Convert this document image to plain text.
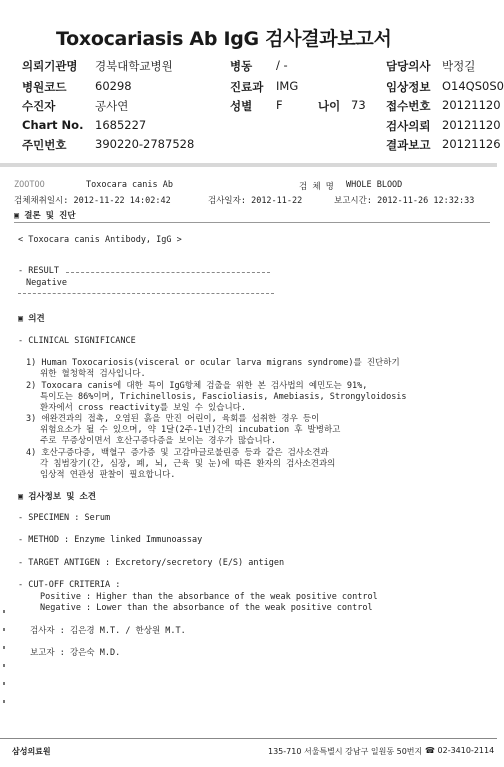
Toxocariasis Ab IgG 검사결과보고서
의뢰기관명 경북대학교병원	병동 / -	담당의사 박정길
병원코드 60298	진료과 IMG	임상정보 O14QS0S0
수진자	공사연	성별 F	나이 73 접수번호 20121120
Chart No. 1685227	검사의뢰 20121120
주민번호 390220-2787528	결과보고 20121126
ZOOTOO	Toxocara canis Ab	검 체 명 WHOLE BLOOD
검체채취일시: 2012-11-22 14:02:42	검사일자: 2012-11-22	보고시간: 2012-11-26 12:32:33
▣ 결론 및 진단
< Toxocara canis Antibody, IgG >
- RESULT
Negative
▣ 의견
- CLINICAL SIGNIFICANCE
1) Human Toxocariosis(visceral or ocular larva migrans syndrome)를 진단하기
위한 혈청학적 검사입니다.
2) Toxocara canis에 대한 특이 IgG항체 검출을 위한 본 검사법의 예민도는 91%,
특이도는 86%이며, Trichinellosis, Fascioliasis, Amebiasis, Strongyloidosis
환자에서 cross reactivity를 보일 수 있습니다.
3) 애완견과의 접촉, 오염된 흙을 만진 어린이, 육회를 섭취한 경우 등이
위험요소가 될 수 있으며, 약 1달(2주-1년)간의 incubation 후 발병하고
주로 무증상이면서 호산구증다증을 보이는 경우가 많습니다.
4) 호산구증다증, 백혈구 증가증 및 고감마글로불린증 등과 같은 검사소견과
각 침범장기(간, 심장, 폐, 뇌, 근육 및 눈)에 따른 환자의 검사소견과의
임상적 연관성 판찰이 필요합니다.
▣ 검사정보 및 소견
- SPECIMEN : Serum
- METHOD : Enzyme linked Immunoassay
- TARGET ANTIGEN : Excretory/secretory (E/S) antigen
- CUT-OFF CRITERIA :
Positive : Higher than the absorbance of the weak positive control
Negative : Lower than the absorbance of the weak positive control
검사자 : 김은경 M.T. / 한상원 M.T.
보고자 : 강은숙 M.D.
삼성의료원	135-710 서울특별시 강남구 일원동 50번지 ☎ 02-3410-2114
